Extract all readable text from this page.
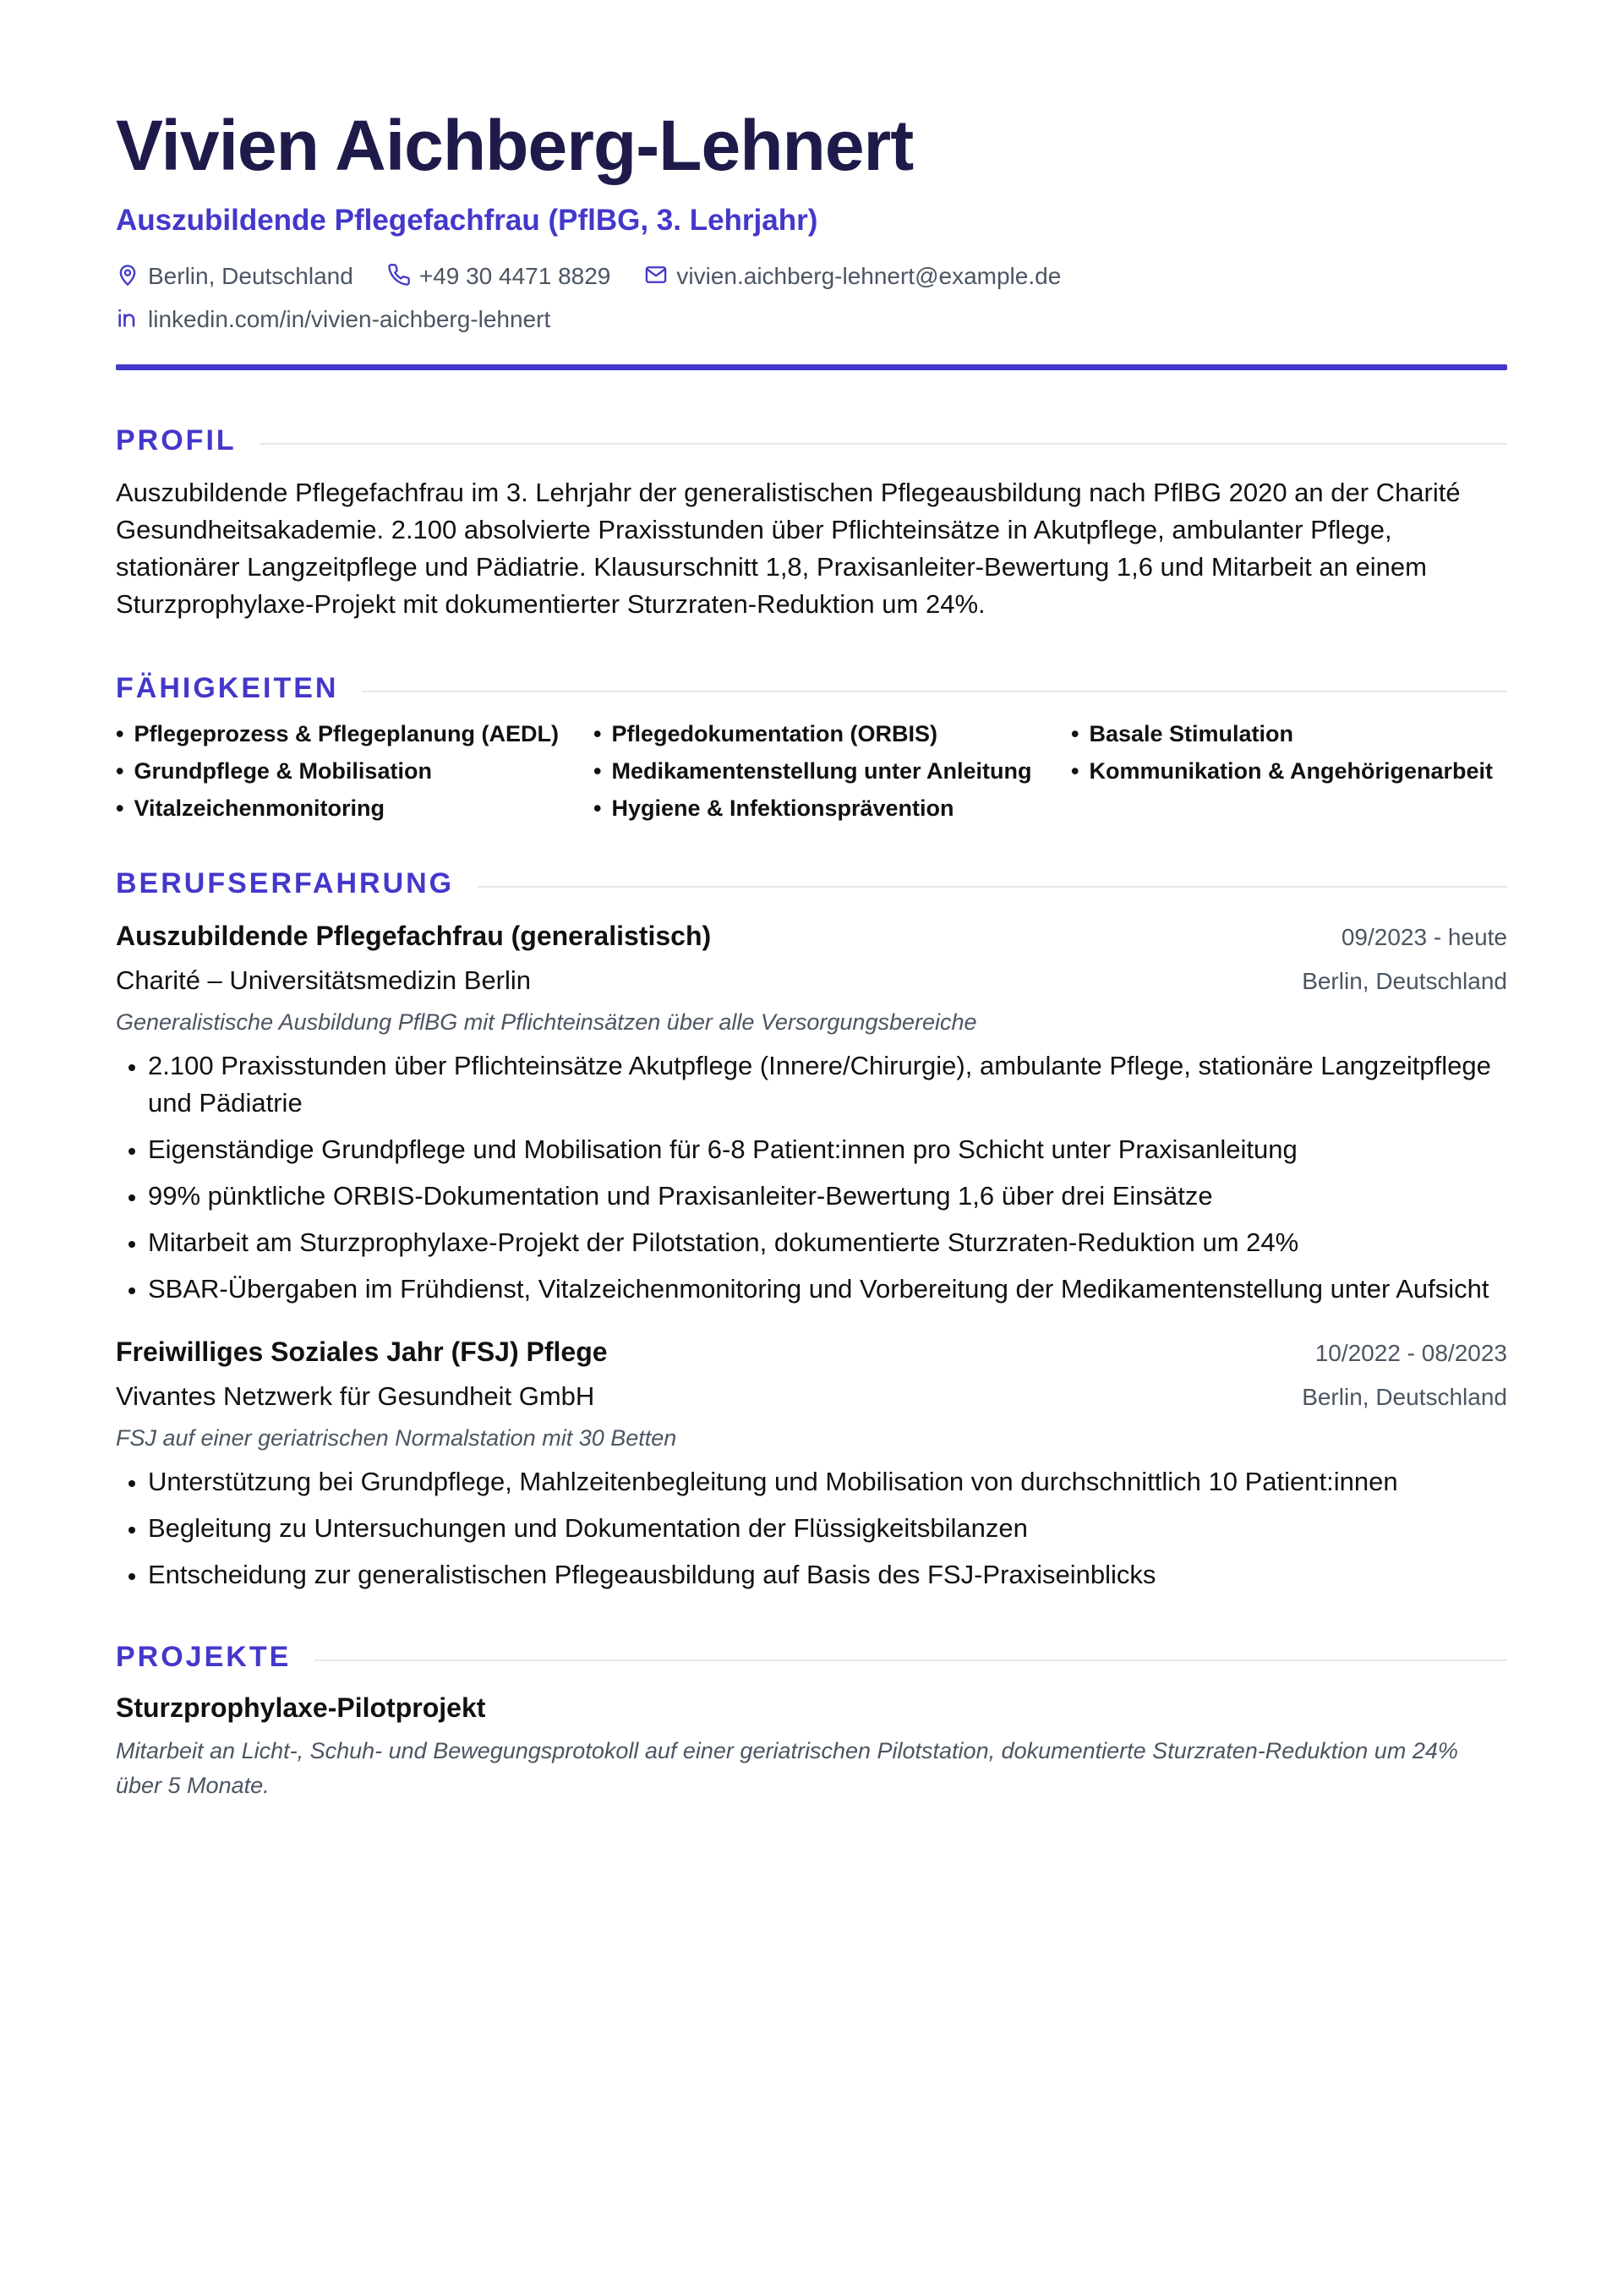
Vivien Aichberg-Lehnert
Auszubildende Pflegefachfrau (PflBG, 3. Lehrjahr)
Berlin, Deutschland	+49 30 4471 8829	vivien.aichberg-lehnert@example.de
linkedin.com/in/vivien-aichberg-lehnert
PROFIL
Auszubildende Pflegefachfrau im 3. Lehrjahr der generalistischen Pflegeausbildung nach PflBG 2020 an der Charité Gesundheitsakademie. 2.100 absolvierte Praxisstunden über Pflichteinsätze in Akutpflege, ambulanter Pflege, stationärer Langzeitpflege und Pädiatrie. Klausurschnitt 1,8, Praxisanleiter-Bewertung 1,6 und Mitarbeit an einem Sturzprophylaxe-Projekt mit dokumentierter Sturzraten-Reduktion um 24%.
FÄHIGKEITEN
• Pflegeprozess & Pflegeplanung (AEDL)	• Pflegedokumentation (ORBIS)	• Basale Stimulation
• Grundpflege & Mobilisation	• Medikamentenstellung unter Anleitung	• Kommunikation & Angehörigenarbeit
• Vitalzeichenmonitoring	• Hygiene & Infektionsprävention
BERUFSERFAHRUNG
Auszubildende Pflegefachfrau (generalistisch)	09/2023 - heute
Charité – Universitätsmedizin Berlin	Berlin, Deutschland
Generalistische Ausbildung PflBG mit Pflichteinsätzen über alle Versorgungsbereiche
• 2.100 Praxisstunden über Pflichteinsätze Akutpflege (Innere/Chirurgie), ambulante Pflege, stationäre Langzeitpflege und Pädiatrie
• Eigenständige Grundpflege und Mobilisation für 6-8 Patient:innen pro Schicht unter Praxisanleitung
• 99% pünktliche ORBIS-Dokumentation und Praxisanleiter-Bewertung 1,6 über drei Einsätze
• Mitarbeit am Sturzprophylaxe-Projekt der Pilotstation, dokumentierte Sturzraten-Reduktion um 24%
• SBAR-Übergaben im Frühdienst, Vitalzeichenmonitoring und Vorbereitung der Medikamentenstellung unter Aufsicht
Freiwilliges Soziales Jahr (FSJ) Pflege	10/2022 - 08/2023
Vivantes Netzwerk für Gesundheit GmbH	Berlin, Deutschland
FSJ auf einer geriatrischen Normalstation mit 30 Betten
• Unterstützung bei Grundpflege, Mahlzeitenbegleitung und Mobilisation von durchschnittlich 10 Patient:innen
• Begleitung zu Untersuchungen und Dokumentation der Flüssigkeitsbilanzen
• Entscheidung zur generalistischen Pflegeausbildung auf Basis des FSJ-Praxiseinblicks
PROJEKTE
Sturzprophylaxe-Pilotprojekt
Mitarbeit an Licht-, Schuh- und Bewegungsprotokoll auf einer geriatrischen Pilotstation, dokumentierte Sturzraten-Reduktion um 24% über 5 Monate.
